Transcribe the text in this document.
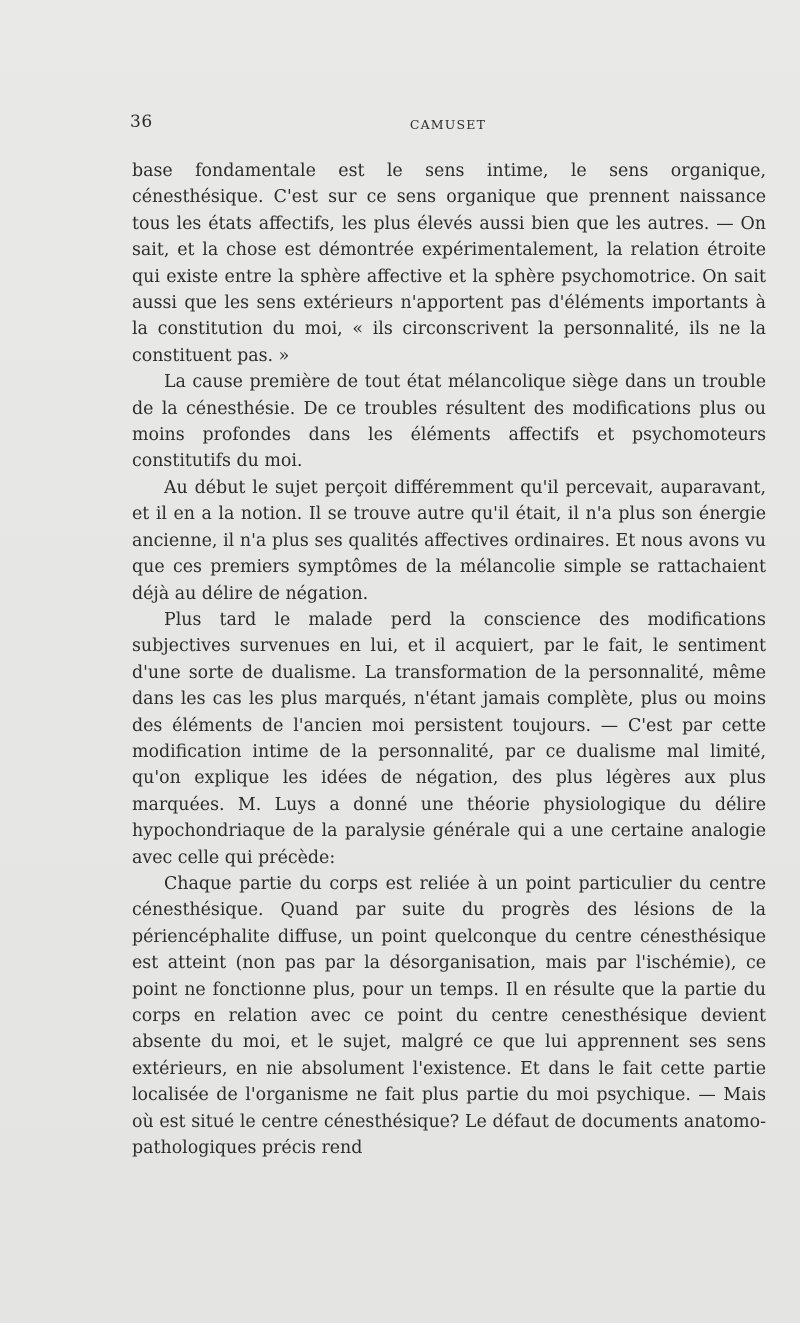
36	CAMUSET

base fondamentale est le sens intime, le sens organique, cénesthésique. C'est sur ce sens organique que prennent naissance tous les états affectifs, les plus élevés aussi bien que les autres. — On sait, et la chose est démontrée expérimentalement, la relation étroite qui existe entre la sphère affective et la sphère psychomotrice. On sait aussi que les sens extérieurs n'apportent pas d'éléments importants à la constitution du moi, « ils circonscrivent la personnalité, ils ne la constituent pas. »

La cause première de tout état mélancolique siège dans un trouble de la cénesthésie. De ce troubles résultent des modifications plus ou moins profondes dans les éléments affectifs et psychomoteurs constitutifs du moi.

Au début le sujet perçoit différemment qu'il percevait, auparavant, et il en a la notion. Il se trouve autre qu'il était, il n'a plus son énergie ancienne, il n'a plus ses qualités affectives ordinaires. Et nous avons vu que ces premiers symptômes de la mélancolie simple se rattachaient déjà au délire de négation.

Plus tard le malade perd la conscience des modifications subjectives survenues en lui, et il acquiert, par le fait, le sentiment d'une sorte de dualisme. La transformation de la personnalité, même dans les cas les plus marqués, n'étant jamais complète, plus ou moins des éléments de l'ancien moi persistent toujours. — C'est par cette modification intime de la personnalité, par ce dualisme mal limité, qu'on explique les idées de négation, des plus légères aux plus marquées. M. Luys a donné une théorie physiologique du délire hypochondriaque de la paralysie générale qui a une certaine analogie avec celle qui précède:

Chaque partie du corps est reliée à un point particulier du centre cénesthésique. Quand par suite du progrès des lésions de la périencéphalite diffuse, un point quelconque du centre cénesthésique est atteint (non pas par la désorganisation, mais par l'ischémie), ce point ne fonctionne plus, pour un temps. Il en résulte que la partie du corps en relation avec ce point du centre cenesthésique devient absente du moi, et le sujet, malgré ce que lui apprennent ses sens extérieurs, en nie absolument l'existence. Et dans le fait cette partie localisée de l'organisme ne fait plus partie du moi psychique. — Mais où est situé le centre cénesthésique? Le défaut de documents anatomo-pathologiques précis rend
